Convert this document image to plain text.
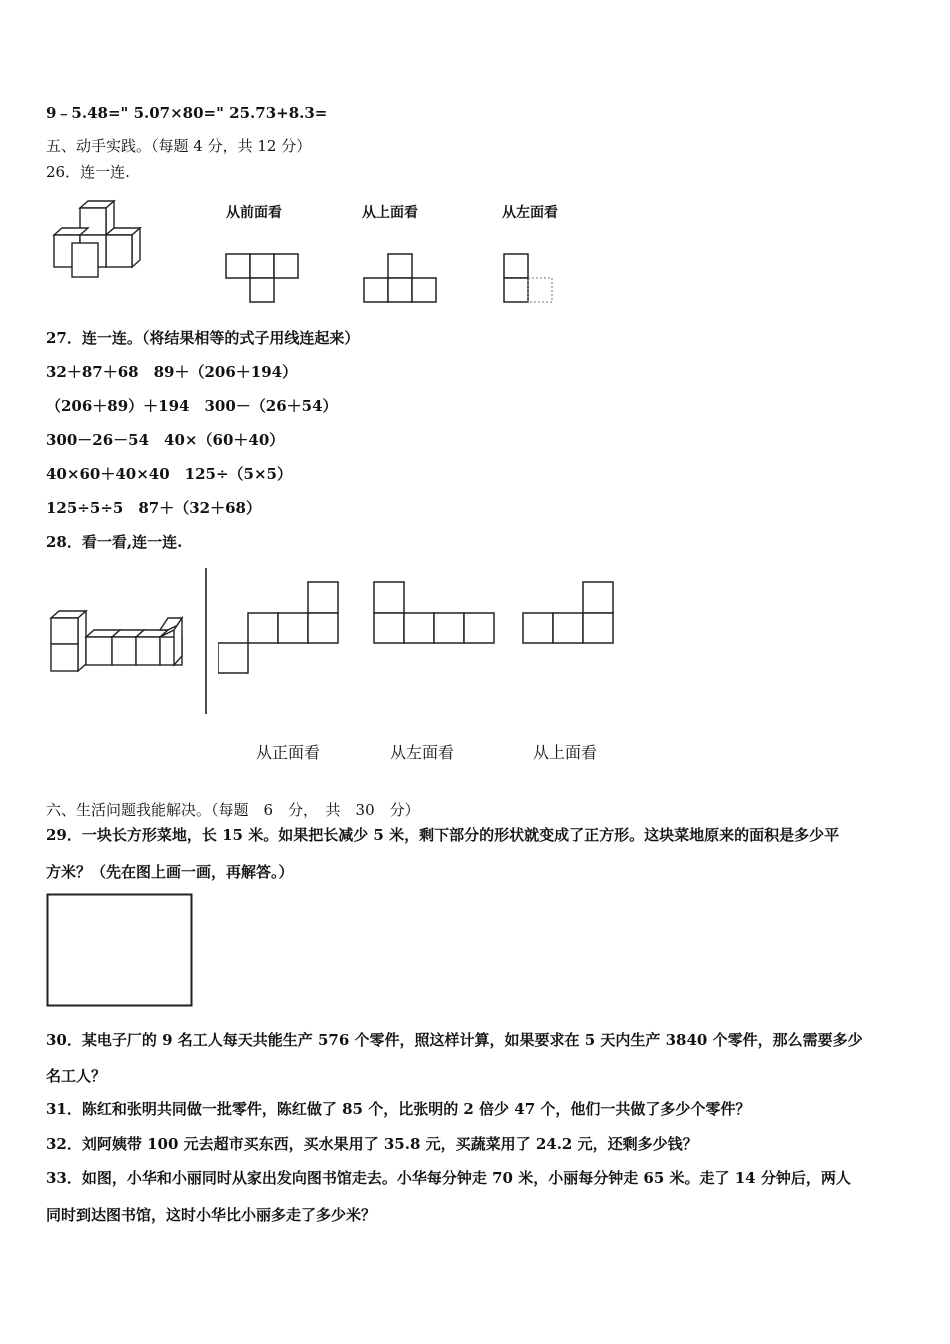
9﹣5.48=" 5.07×80=" 25.73+8.3=
五、动手实践。（每题 4 分，共 12 分）
26．连一连.
从前面看	从上面看	从左面看
27．连一连。（将结果相等的式子用线连起来）
32＋87＋68　89＋（206＋194）
（206＋89）＋194　300－（26＋54）
300－26－54　40×（60＋40）
40×60＋40×40　125÷（5×5）
125÷5÷5　87＋（32＋68）
28．看一看,连一连.
从正面看	从左面看	从上面看
六、生活问题我能解决。（每题　6　分，　共　30　分）
29．一块长方形菜地，长 15 米。如果把长减少 5 米，剩下部分的形状就变成了正方形。这块菜地原来的面积是多少平
方米？（先在图上画一画，再解答。）
30．某电子厂的 9 名工人每天共能生产 576 个零件，照这样计算，如果要求在 5 天内生产 3840 个零件，那么需要多少
名工人？
31．陈红和张明共同做一批零件，陈红做了 85 个，比张明的 2 倍少 47 个，他们一共做了多少个零件？
32．刘阿姨带 100 元去超市买东西，买水果用了 35.8 元，买蔬菜用了 24.2 元，还剩多少钱？
33．如图，小华和小丽同时从家出发向图书馆走去。小华每分钟走 70 米，小丽每分钟走 65 米。走了 14 分钟后，两人
同时到达图书馆，这时小华比小丽多走了多少米？
